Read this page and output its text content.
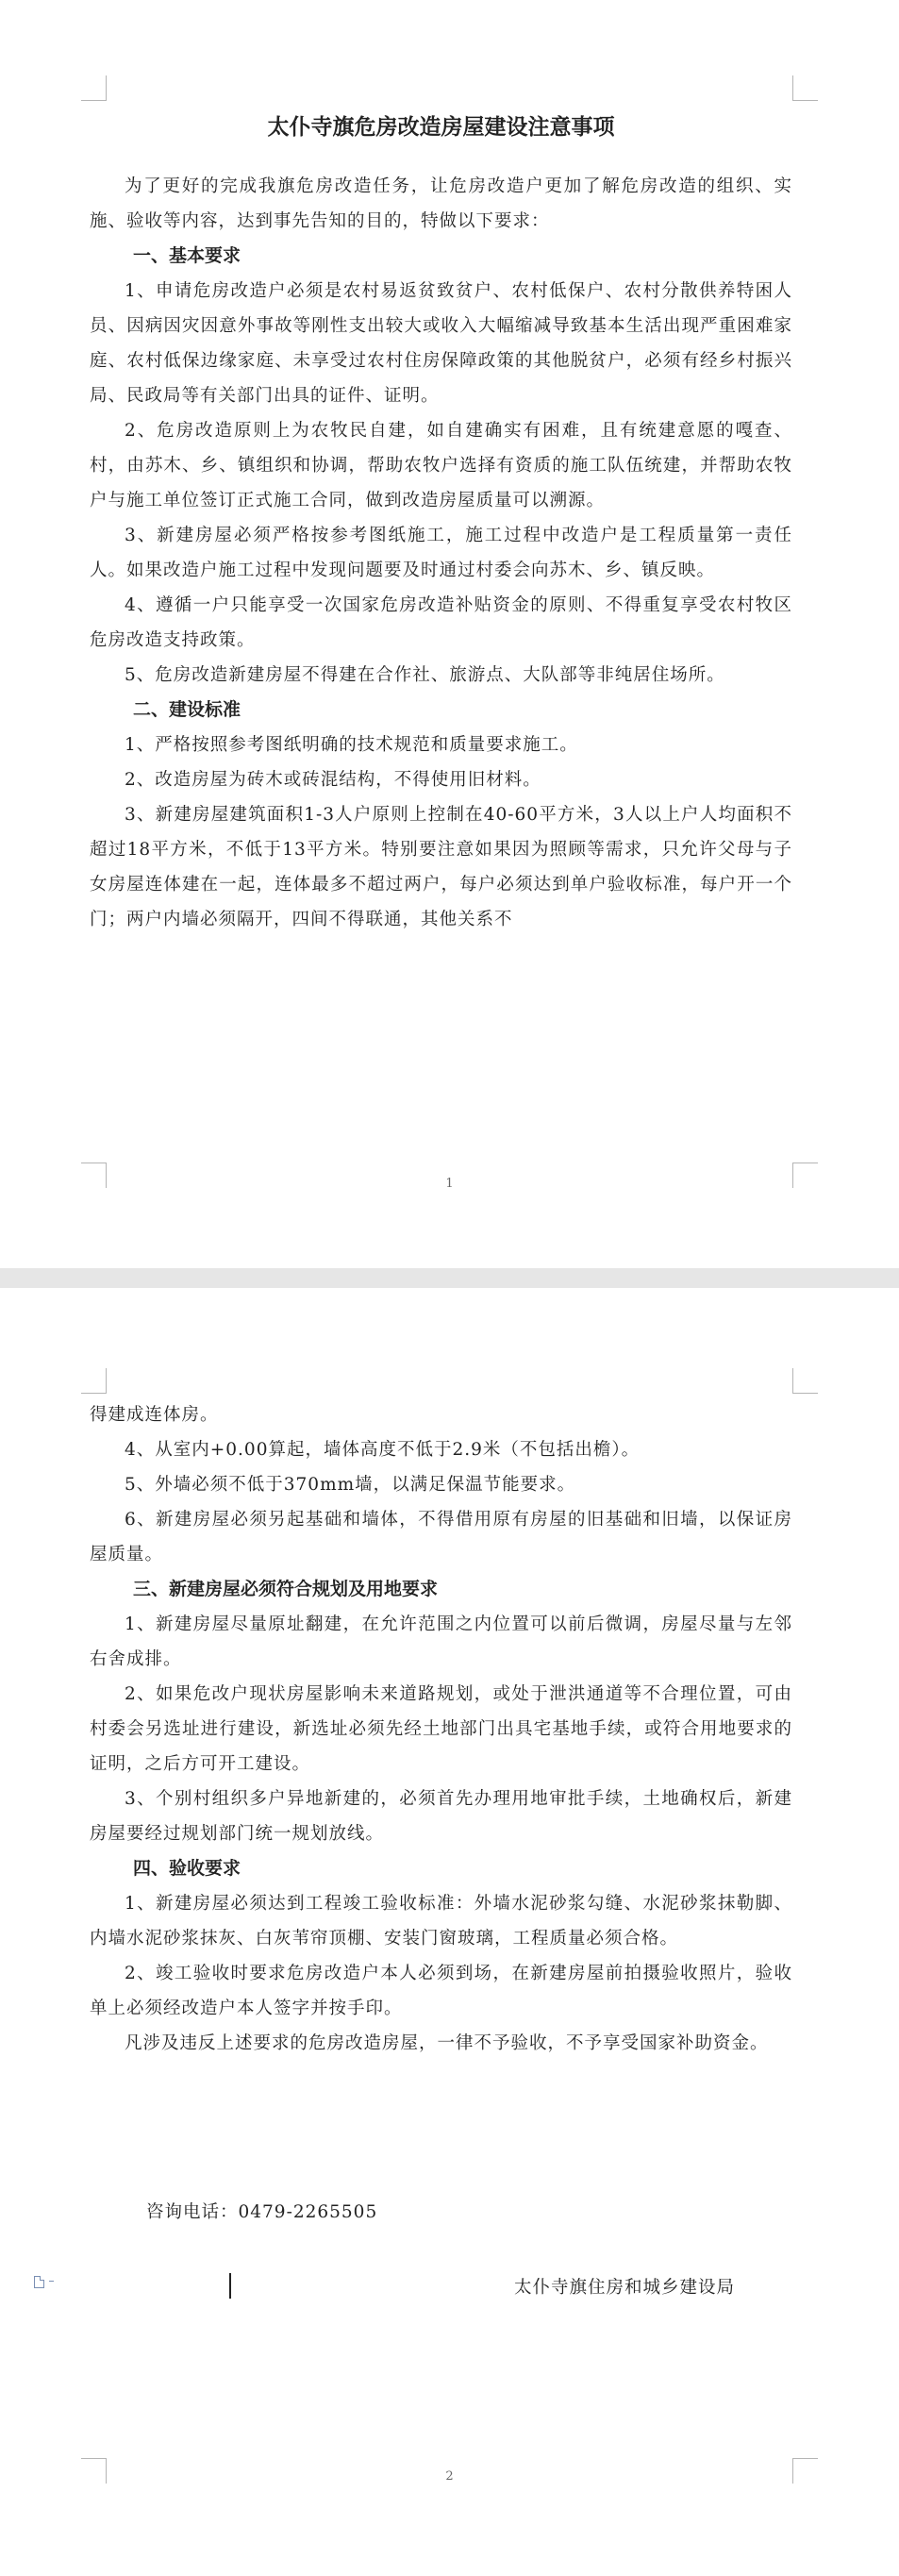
太仆寺旗危房改造房屋建设注意事项

为了更好的完成我旗危房改造任务，让危房改造户更加了解危房改造的组织、实施、验收等内容，达到事先告知的目的，特做以下要求：

一、基本要求

1、申请危房改造户必须是农村易返贫致贫户、农村低保户、农村分散供养特困人员、因病因灾因意外事故等刚性支出较大或收入大幅缩减导致基本生活出现严重困难家庭、农村低保边缘家庭、未享受过农村住房保障政策的其他脱贫户，必须有经乡村振兴局、民政局等有关部门出具的证件、证明。

2、危房改造原则上为农牧民自建，如自建确实有困难，且有统建意愿的嘎查、村，由苏木、乡、镇组织和协调，帮助农牧户选择有资质的施工队伍统建，并帮助农牧户与施工单位签订正式施工合同，做到改造房屋质量可以溯源。

3、新建房屋必须严格按参考图纸施工，施工过程中改造户是工程质量第一责任人。如果改造户施工过程中发现问题要及时通过村委会向苏木、乡、镇反映。

4、遵循一户只能享受一次国家危房改造补贴资金的原则、不得重复享受农村牧区危房改造支持政策。

5、危房改造新建房屋不得建在合作社、旅游点、大队部等非纯居住场所。

二、建设标准

1、严格按照参考图纸明确的技术规范和质量要求施工。

2、改造房屋为砖木或砖混结构，不得使用旧材料。

3、新建房屋建筑面积1-3人户原则上控制在40-60平方米，3人以上户人均面积不超过18平方米，不低于13平方米。特别要注意如果因为照顾等需求，只允许父母与子女房屋连体建在一起，连体最多不超过两户，每户必须达到单户验收标准，每户开一个门；两户内墙必须隔开，四间不得联通，其他关系不

1

得建成连体房。

4、从室内+0.00算起，墙体高度不低于2.9米（不包括出檐）。

5、外墙必须不低于370mm墙，以满足保温节能要求。

6、新建房屋必须另起基础和墙体，不得借用原有房屋的旧基础和旧墙，以保证房屋质量。

三、新建房屋必须符合规划及用地要求

1、新建房屋尽量原址翻建，在允许范围之内位置可以前后微调，房屋尽量与左邻右舍成排。

2、如果危改户现状房屋影响未来道路规划，或处于泄洪通道等不合理位置，可由村委会另选址进行建设，新选址必须先经土地部门出具宅基地手续，或符合用地要求的证明，之后方可开工建设。

3、个别村组织多户异地新建的，必须首先办理用地审批手续，土地确权后，新建房屋要经过规划部门统一规划放线。

四、验收要求

1、新建房屋必须达到工程竣工验收标准：外墙水泥砂浆勾缝、水泥砂浆抹勒脚、内墙水泥砂浆抹灰、白灰苇帘顶棚、安装门窗玻璃，工程质量必须合格。

2、竣工验收时要求危房改造户本人必须到场，在新建房屋前拍摄验收照片，验收单上必须经改造户本人签字并按手印。

凡涉及违反上述要求的危房改造房屋，一律不予验收，不予享受国家补助资金。

2
咨询电话：0479-2265505
太仆寺旗住房和城乡建设局
